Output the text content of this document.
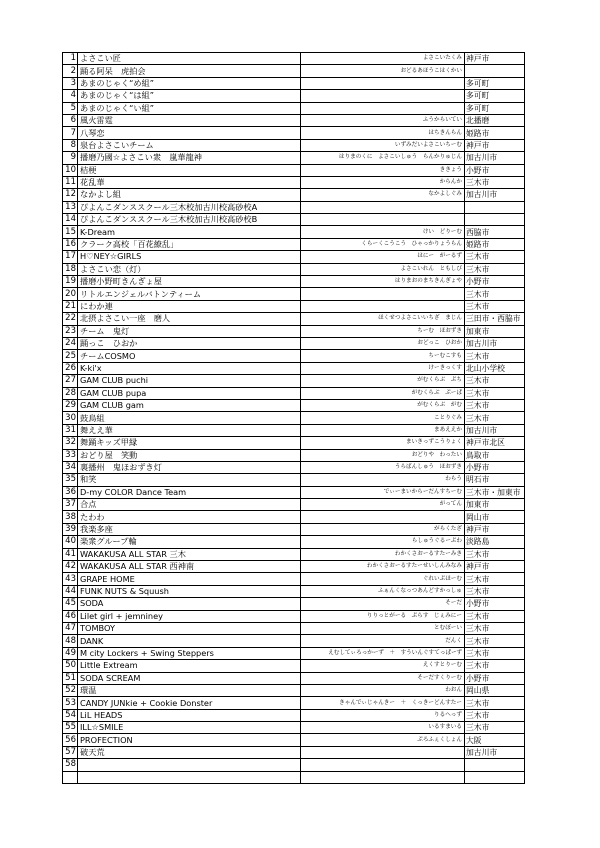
1	よさこい匠	よさこいたくみ	神戸市
2	踊る阿呆　虎拍会	おどるあほうこはくかい	
3	あまのじゃく“め組”		多可町
4	あまのじゃく“は組”		多可町
5	あまのじゃく“い組”		多可町
6	風火雷霆	ふうからいてい	北播磨
7	八琴恋	はちきんらん	姫路市
8	泉台よさこいチーム	いずみだいよさこいちーむ	神戸市
9	播磨乃國☆よさこい衆　嵐華龍神	はりまのくに　よさこいしゅう　らんかりゅじん	加古川市
10	桔梗	ききょう	小野市
11	花乱華	からんか	三木市
12	なかよし組	なかよしぐみ	加古川市
13	ぴよんこダンススクール三木校加古川校高砂校A		
14	ぴよんこダンススクール三木校加古川校高砂校B		
15	K-Dream	けい　どりーむ	西脇市
16	クラーク高校「百花繚乱」	くらーくこうこう　ひゃっかりょうらん	姫路市
17	H♡NEY☆GIRLS	はにー　がーるず	三木市
18	よさこい恋（灯）	よさこいれん　ともしび	三木市
19	播磨小野町きんぎょ屋	はりまおのまちきんぎょや	小野市
20	リトルエンジェルバトンティーム		三木市
21	にわか連		三木市
22	北摂よさこい一座　磨人	ほくせつよさこいいちざ　まじん	三田市・西脇市
23	チーム　鬼灯	ちーむ　ほおずき	加東市
24	踊っこ　ひおか	おどっこ　ひおか	加古川市
25	チームCOSMO	ちーむこすも	三木市
26	K-ki'x	けーきっくす	北山小学校
27	GAM CLUB puchi	がむくらぶ　ぷち	三木市
28	GAM CLUB pupa	がむくらぶ　ぷーぱ	三木市
29	GAM CLUB gam	がむくらぶ　がむ	三木市
30	鼓鳥組	ことりぐみ	三木市
31	舞ええ華	まあええか	加古川市
32	舞踊キッズ甲縁	まいきっずこうりょく	神戸市北区
33	おどり屋　笑動	おどりや　わったい	鳥取市
34	裏播州　鬼ほおずき灯	うらばんしゅう　ほおずき	小野市
35	和笑	わらう	明石市
36	D-my COLOR Dance Team	でぃーまいからーだんすちーむ	三木市・加東市
37	合点	がってん	加東市
38	たわわ		岡山市
39	我楽多座	がらくたざ	神戸市
40	楽衆グループ輪	らしゅうぐるーぷわ	淡路島
41	WAKAKUSA ALL STAR 三木	わかくさおーるすたーみき	三木市
42	WAKAKUSA ALL STAR 西神南	わかくさおーるすたーせいしんみなみ	神戸市
43	GRAPE HOME	ぐれいぷほーむ	三木市
44	FUNK NUTS & Squush	ふぁんくなっつあんどすかっしゅ	三木市
45	SODA	そーだ	小野市
46	Lilet girl + jemniney	りりっとがーる　ぷらす　じぇみにー	三木市
47	TOMBOY	とむぼーい	三木市
48	DANK	だんく	三木市
49	M city Lockers + Swing Steppers	えむしてぃろっかーず　＋　すういんぐすてっぱーず	三木市
50	Little Extream	えくすとりーむ	三木市
51	SODA SCREAM	そーだすくりーむ	小野市
52	環温	わおん	岡山県
53	CANDY JUNkie + Cookie Donster	きゃんでぃじゃんきー　＋　くっきーどんすたー	三木市
54	LiL HEADS	りるへっず	三木市
55	ILL☆SMILE	いるすまいる	三木市
56	PROFECTION	ぷろふぇくしょん	大阪
57	破天荒		加古川市
58			
